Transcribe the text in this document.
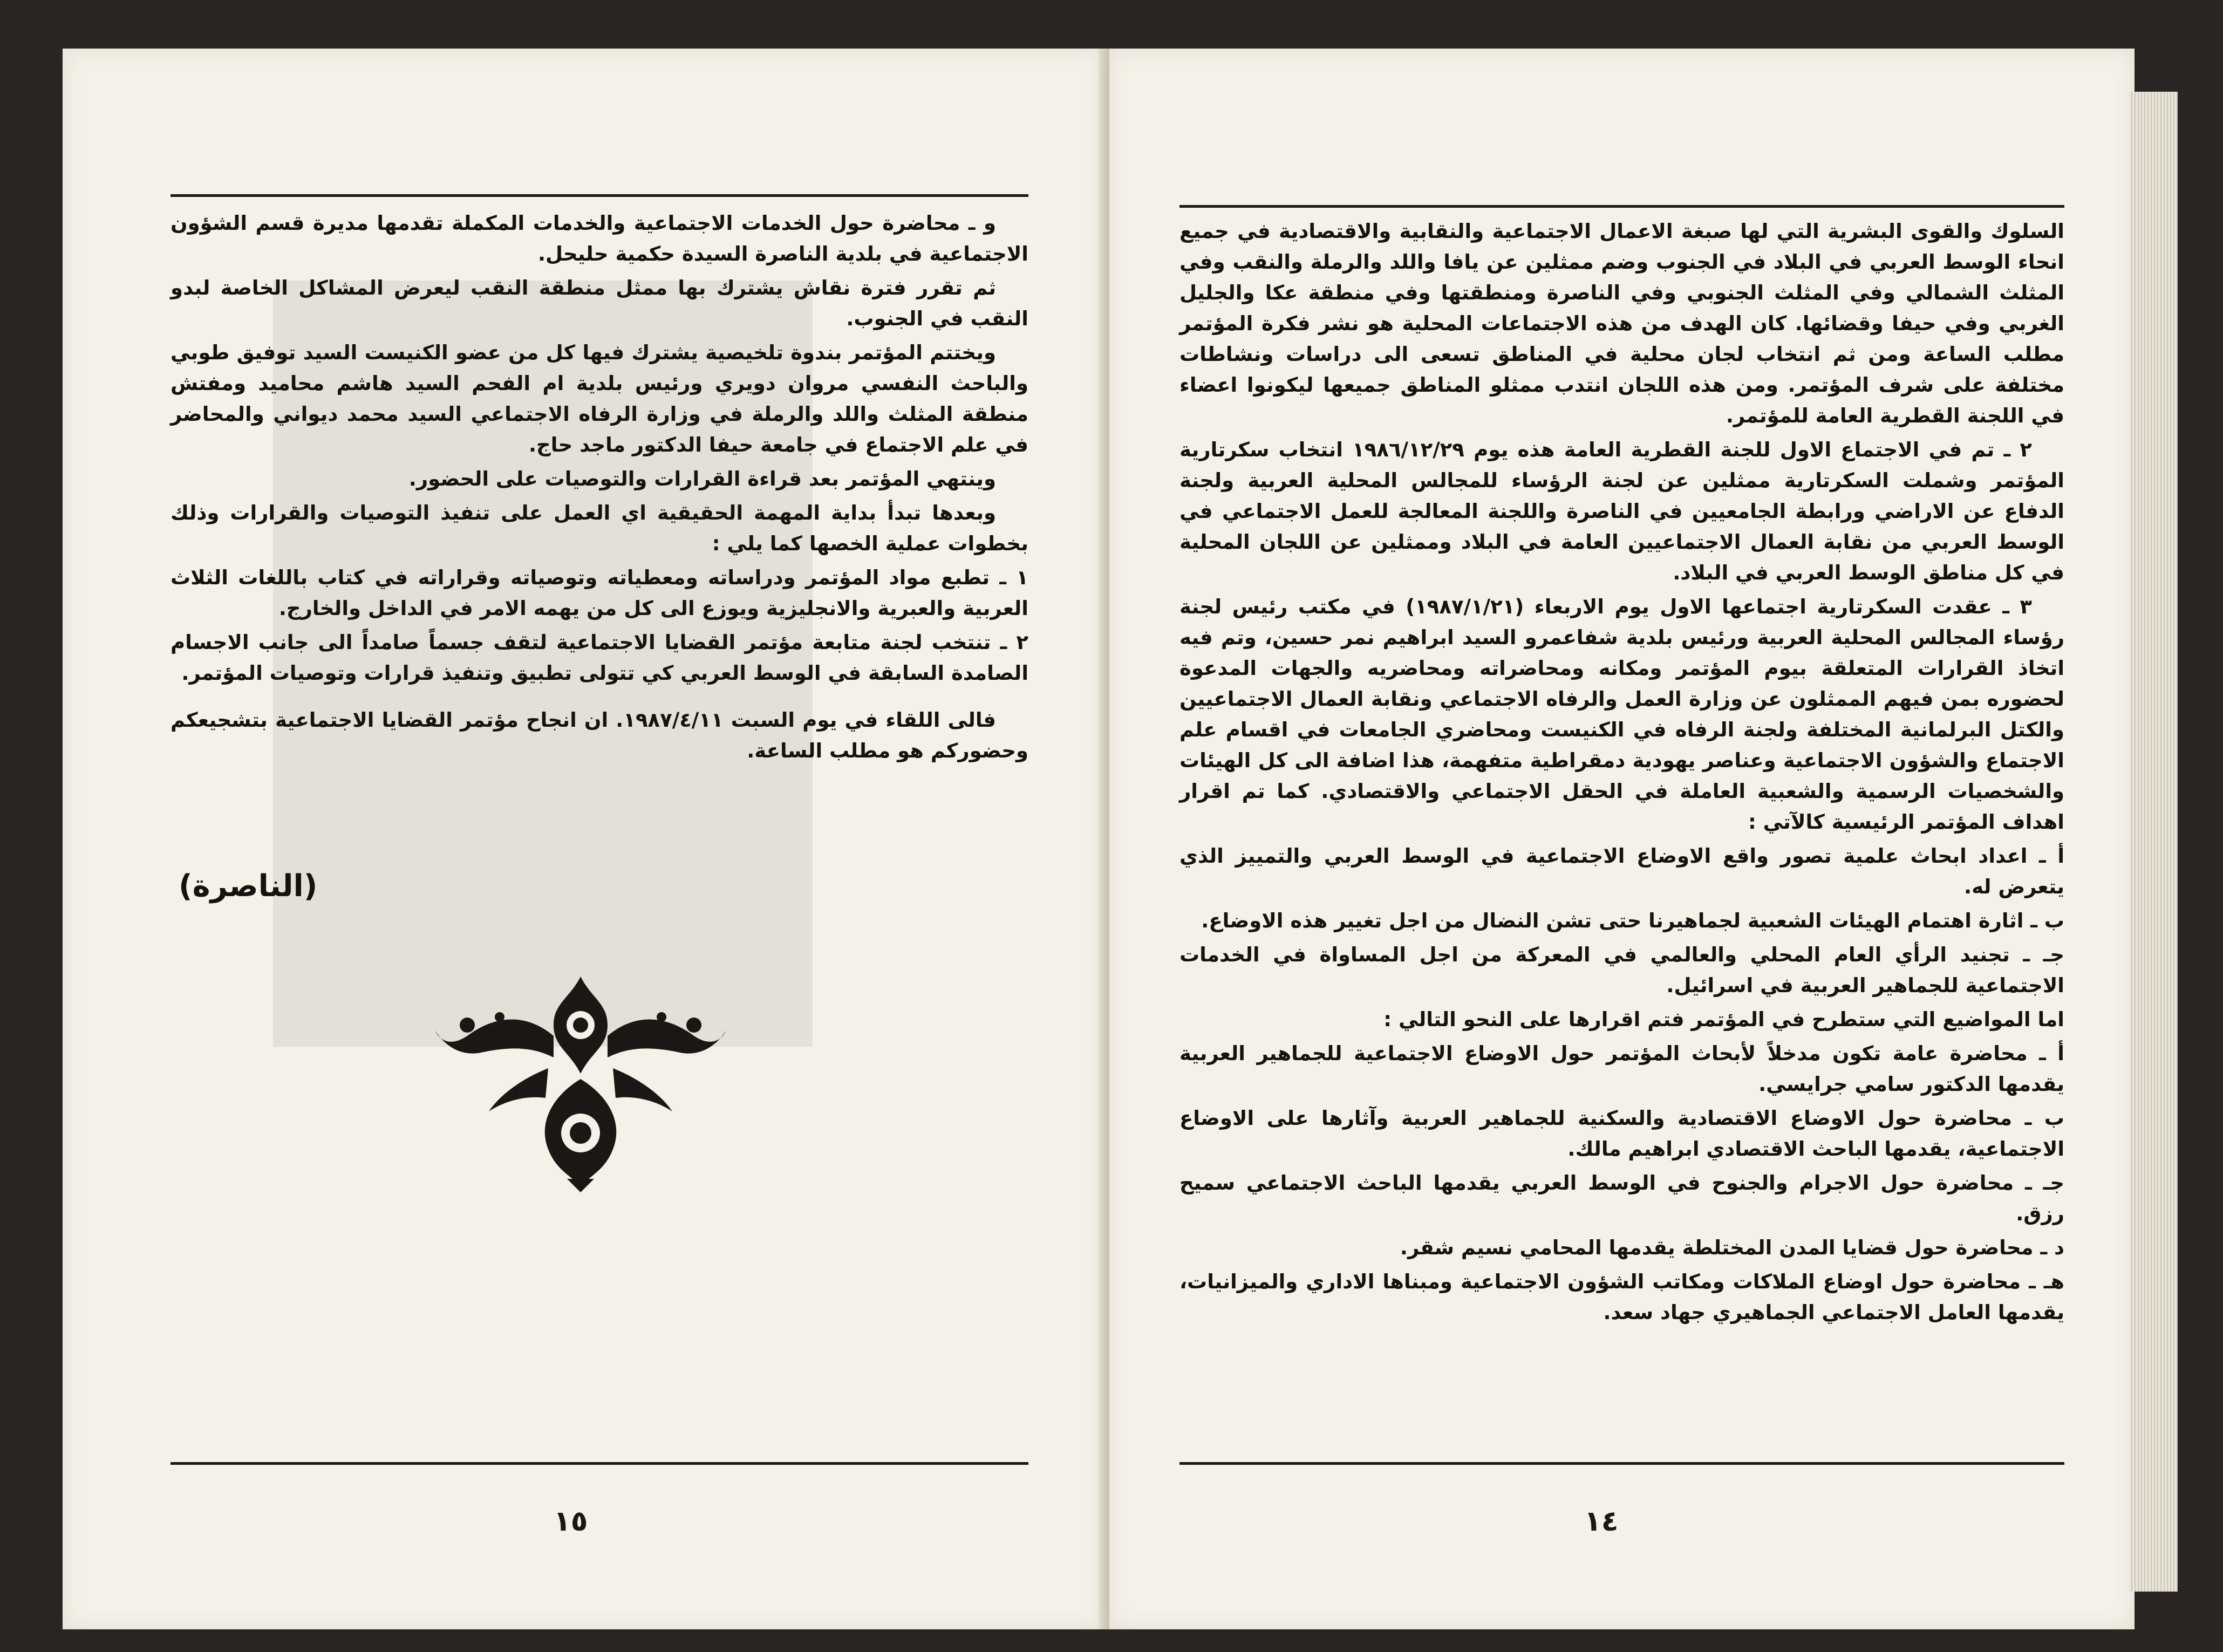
و ـ محاضرة حول الخدمات الاجتماعية والخدمات المكملة تقدمها مديرة قسم الشؤون الاجتماعية في بلدية الناصرة السيدة حكمية حليحل.

ثم تقرر فترة نقاش يشترك بها ممثل منطقة النقب ليعرض المشاكل الخاصة لبدو النقب في الجنوب.

ويختتم المؤتمر بندوة تلخيصية يشترك فيها كل من عضو الكنيست السيد توفيق طوبي والباحث النفسي مروان دويري ورئيس بلدية ام الفحم السيد هاشم محاميد ومفتش منطقة المثلث واللد والرملة في وزارة الرفاه الاجتماعي السيد محمد ديواني والمحاضر في علم الاجتماع في جامعة حيفا الدكتور ماجد حاج.

وينتهي المؤتمر بعد قراءة القرارات والتوصيات على الحضور.

وبعدها تبدأ بداية المهمة الحقيقية اي العمل على تنفيذ التوصيات والقرارات وذلك بخطوات عملية الخصها كما يلي :

١ ـ تطبع مواد المؤتمر ودراساته ومعطياته وتوصياته وقراراته في كتاب باللغات الثلاث العربية والعبرية والانجليزية ويوزع الى كل من يهمه الامر في الداخل والخارج.

٢ ـ تنتخب لجنة متابعة مؤتمر القضايا الاجتماعية لتقف جسماً صامداً الى جانب الاجسام الصامدة السابقة في الوسط العربي كي تتولى تطبيق وتنفيذ قرارات وتوصيات المؤتمر.

فالى اللقاء في يوم السبت ١٩٨٧/٤/١١. ان انجاح مؤتمر القضايا الاجتماعية بتشجيعكم وحضوركم هو مطلب الساعة.

(الناصرة)
١٥

السلوك والقوى البشرية التي لها صبغة الاعمال الاجتماعية والنقابية والاقتصادية في جميع انحاء الوسط العربي في البلاد في الجنوب وضم ممثلين عن يافا واللد والرملة والنقب وفي المثلث الشمالي وفي المثلث الجنوبي وفي الناصرة ومنطقتها وفي منطقة عكا والجليل الغربي وفي حيفا وقضائها. كان الهدف من هذه الاجتماعات المحلية هو نشر فكرة المؤتمر مطلب الساعة ومن ثم انتخاب لجان محلية في المناطق تسعى الى دراسات ونشاطات مختلفة على شرف المؤتمر. ومن هذه اللجان انتدب ممثلو المناطق جميعها ليكونوا اعضاء في اللجنة القطرية العامة للمؤتمر.

٢ ـ تم في الاجتماع الاول للجنة القطرية العامة هذه يوم ١٩٨٦/١٢/٢٩ انتخاب سكرتارية المؤتمر وشملت السكرتارية ممثلين عن لجنة الرؤساء للمجالس المحلية العربية ولجنة الدفاع عن الاراضي ورابطة الجامعيين في الناصرة واللجنة المعالجة للعمل الاجتماعي في الوسط العربي من نقابة العمال الاجتماعيين العامة في البلاد وممثلين عن اللجان المحلية في كل مناطق الوسط العربي في البلاد.

٣ ـ عقدت السكرتارية اجتماعها الاول يوم الاربعاء (١٩٨٧/١/٢١) في مكتب رئيس لجنة رؤساء المجالس المحلية العربية ورئيس بلدية شفاعمرو السيد ابراهيم نمر حسين، وتم فيه اتخاذ القرارات المتعلقة بيوم المؤتمر ومكانه ومحاضراته ومحاضريه والجهات المدعوة لحضوره بمن فيهم الممثلون عن وزارة العمل والرفاه الاجتماعي ونقابة العمال الاجتماعيين والكتل البرلمانية المختلفة ولجنة الرفاه في الكنيست ومحاضري الجامعات في اقسام علم الاجتماع والشؤون الاجتماعية وعناصر يهودية دمقراطية متفهمة، هذا اضافة الى كل الهيئات والشخصيات الرسمية والشعبية العاملة في الحقل الاجتماعي والاقتصادي. كما تم اقرار اهداف المؤتمر الرئيسية كالآتي :

أ ـ اعداد ابحاث علمية تصور واقع الاوضاع الاجتماعية في الوسط العربي والتمييز الذي يتعرض له.

ب ـ اثارة اهتمام الهيئات الشعبية لجماهيرنا حتى تشن النضال من اجل تغيير هذه الاوضاع.

جـ ـ تجنيد الرأي العام المحلي والعالمي في المعركة من اجل المساواة في الخدمات الاجتماعية للجماهير العربية في اسرائيل.

اما المواضيع التي ستطرح في المؤتمر فتم اقرارها على النحو التالي :

أ ـ محاضرة عامة تكون مدخلاً لأبحاث المؤتمر حول الاوضاع الاجتماعية للجماهير العربية يقدمها الدكتور سامي جرايسي.

ب ـ محاضرة حول الاوضاع الاقتصادية والسكنية للجماهير العربية وآثارها على الاوضاع الاجتماعية، يقدمها الباحث الاقتصادي ابراهيم مالك.

جـ ـ محاضرة حول الاجرام والجنوح في الوسط العربي يقدمها الباحث الاجتماعي سميح رزق.

د ـ محاضرة حول قضايا المدن المختلطة يقدمها المحامي نسيم شقر.

هـ ـ محاضرة حول اوضاع الملاكات ومكاتب الشؤون الاجتماعية ومبناها الاداري والميزانيات، يقدمها العامل الاجتماعي الجماهيري جهاد سعد.

١٤
